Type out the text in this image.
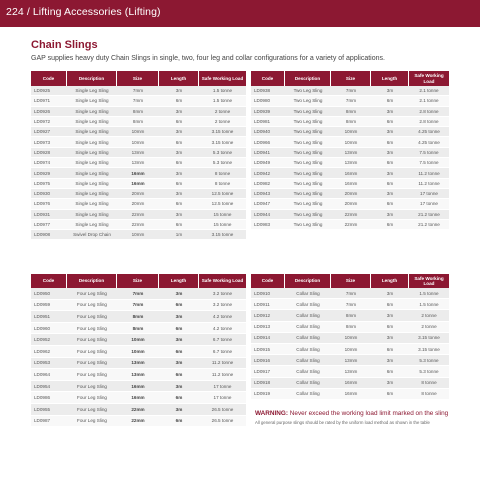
224 / Lifting Accessories (Lifting)
Chain Slings
GAP supplies heavy duty Chain Slings in single, two, four leg and collar configurations for a variety of applications.
Code	Description	Size	Length	Safe Working Load
LD0925	Single Leg Sling	7mm	3m	1.5 tonne
LD0971	Single Leg Sling	7mm	6m	1.5 tonne
LD0926	Single Leg Sling	8mm	3m	2 tonne
LD0972	Single Leg Sling	8mm	6m	2 tonne
LD0927	Single Leg Sling	10mm	3m	3.15 tonne
LD0973	Single Leg Sling	10mm	6m	3.15 tonne
LD0928	Single Leg Sling	13mm	3m	5.3 tonne
LD0974	Single Leg Sling	13mm	6m	5.3 tonne
LD0929	Single Leg Sling	16mm	3m	8 tonne
LD0975	Single Leg Sling	16mm	6m	8 tonne
LD0930	Single Leg Sling	20mm	3m	12.5 tonne
LD0976	Single Leg Sling	20mm	6m	12.5 tonne
LD0931	Single Leg Sling	22mm	3m	15 tonne
LD0977	Single Leg Sling	22mm	6m	15 tonne
LD0908	Swivel Drop Chain	10mm	1m	3.15 tonne
Code	Description	Size	Length	Safe Working Load
LD0938	Two Leg Sling	7mm	3m	2.1 tonne
LD0980	Two Leg Sling	7mm	6m	2.1 tonne
LD0939	Two Leg Sling	8mm	3m	2.8 tonne
LD0981	Two Leg Sling	8mm	6m	2.8 tonne
LD0940	Two Leg Sling	10mm	3m	4.25 tonne
LD0966	Two Leg Sling	10mm	6m	4.25 tonne
LD0941	Two Leg Sling	13mm	3m	7.5 tonne
LD0949	Two Leg Sling	13mm	6m	7.5 tonne
LD0942	Two Leg Sling	16mm	3m	11.2 tonne
LD0982	Two Leg Sling	16mm	6m	11.2 tonne
LD0943	Two Leg Sling	20mm	3m	17 tonne
LD0947	Two Leg Sling	20mm	6m	17 tonne
LD0944	Two Leg Sling	22mm	3m	21.2 tonne
LD0983	Two Leg Sling	22mm	6m	21.2 tonne
Code	Description	Size	Length	Safe Working Load
LD0950	Four Leg Sling	7mm	3m	3.2 tonne
LD0959	Four Leg Sling	7mm	6m	3.2 tonne
LD0951	Four Leg Sling	8mm	3m	4.2 tonne
LD0960	Four Leg Sling	8mm	6m	4.2 tonne
LD0952	Four Leg Sling	10mm	3m	6.7 tonne
LD0962	Four Leg Sling	10mm	6m	6.7 tonne
LD0953	Four Leg Sling	13mm	3m	11.2 tonne
LD0964	Four Leg Sling	13mm	6m	11.2 tonne
LD0954	Four Leg Sling	16mm	3m	17 tonne
LD0986	Four Leg Sling	16mm	6m	17 tonne
LD0955	Four Leg Sling	22mm	3m	26.5 tonne
LD0987	Four Leg Sling	22mm	6m	26.5 tonne
Code	Description	Size	Length	Safe Working Load
LD0910	Collar Sling	7mm	3m	1.5 tonne
LD0911	Collar Sling	7mm	6m	1.5 tonne
LD0912	Collar Sling	8mm	3m	2 tonne
LD0913	Collar Sling	8mm	6m	2 tonne
LD0914	Collar Sling	10mm	3m	3.15 tonne
LD0915	Collar Sling	10mm	6m	3.15 tonne
LD0916	Collar Sling	13mm	3m	5.3 tonne
LD0917	Collar Sling	13mm	6m	5.3 tonne
LD0918	Collar Sling	16mm	3m	8 tonne
LD0919	Collar Sling	16mm	6m	8 tonne
WARNING: Never exceed the working load limit marked on the sling
All general purpose slings should be rated by the uniform load method as shown in the table
